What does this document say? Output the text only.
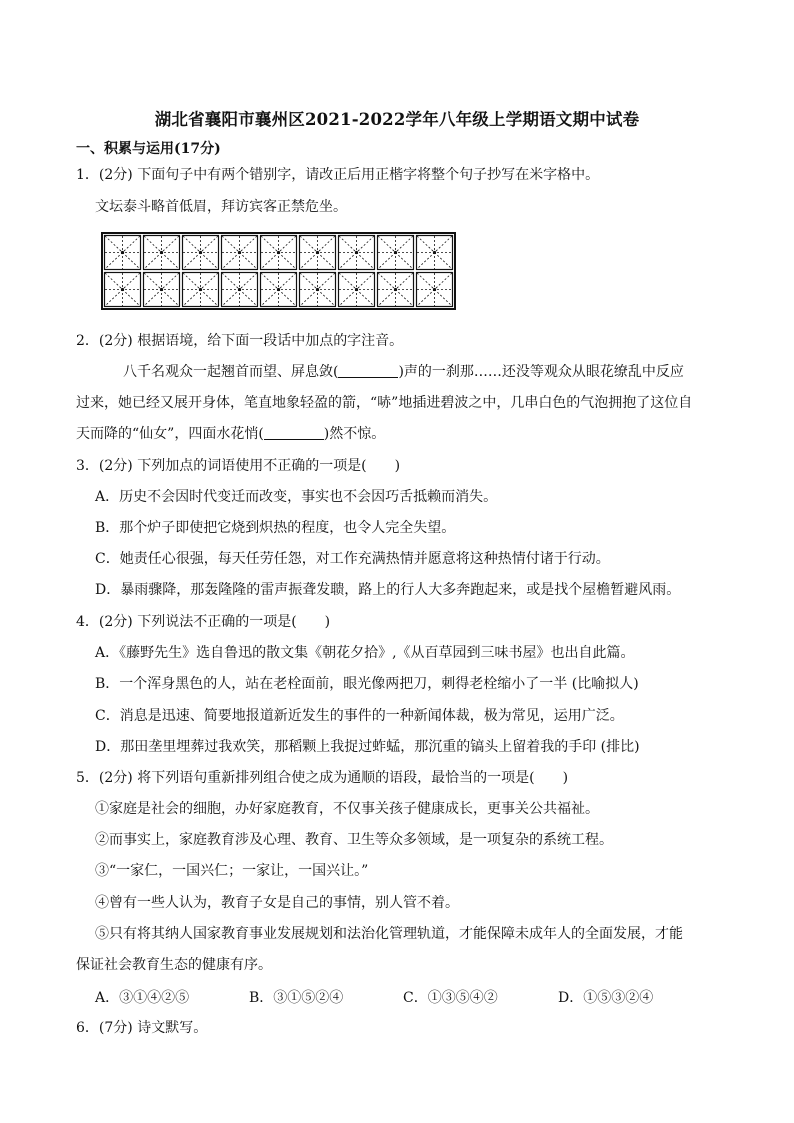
湖北省襄阳市襄州区2021-2022学年八年级上学期语文期中试卷
一、积累与运用(17分)
1．(2分) 下面句子中有两个错别字，请改正后用正楷字将整个句子抄写在米字格中。
文坛泰斗略首低眉，拜访宾客正禁危坐。
2．(2分) 根据语境，给下面一段话中加点的字注音。
八千名观众一起翘首而望、屏息敛(	)声的一刹那……还没等观众从眼花缭乱中反应
过来，她已经又展开身体，笔直地象轻盈的箭，“哧”地插进碧波之中，几串白色的气泡拥抱了这位自
天而降的“仙女”，四面水花悄(	)然不惊。
3．(2分) 下列加点的词语使用不正确的一项是(　　)
A．历史不会因时代变迁而改变，事实也不会因巧舌抵赖而消失。
B．那个炉子即使把它烧到炽热的程度，也令人完全失望。
C．她责任心很强，每天任劳任怨，对工作充满热情并愿意将这种热情付诸于行动。
D．暴雨骤降，那轰隆隆的雷声振聋发聩，路上的行人大多奔跑起来，或是找个屋檐暂避风雨。
4．(2分) 下列说法不正确的一项是(　　)
A．《藤野先生》选自鲁迅的散文集《朝花夕拾》,《从百草园到三味书屋》也出自此篇。
B．一个浑身黑色的人，站在老栓面前，眼光像两把刀，刺得老栓缩小了一半 (比喻拟人)
C．消息是迅速、简要地报道新近发生的事件的一种新闻体裁，极为常见，运用广泛。
D．那田垄里埋葬过我欢笑，那稻颗上我捉过蚱蜢，那沉重的镐头上留着我的手印 (排比)
5．(2分) 将下列语句重新排列组合使之成为通顺的语段，最恰当的一项是(　　)
①家庭是社会的细胞，办好家庭教育，不仅事关孩子健康成长，更事关公共福祉。
②而事实上，家庭教育涉及心理、教育、卫生等众多领域，是一项复杂的系统工程。
③“一家仁，一国兴仁；一家让，一国兴让。”
④曾有一些人认为，教育子女是自己的事情，别人管不着。
⑤只有将其纳人国家教育事业发展规划和法治化管理轨道，才能保障未成年人的全面发展，才能
保证社会教育生态的健康有序。
A．③①④②⑤	B．③①⑤②④	C．①③⑤④②	D．①⑤③②④
6．(7分) 诗文默写。
